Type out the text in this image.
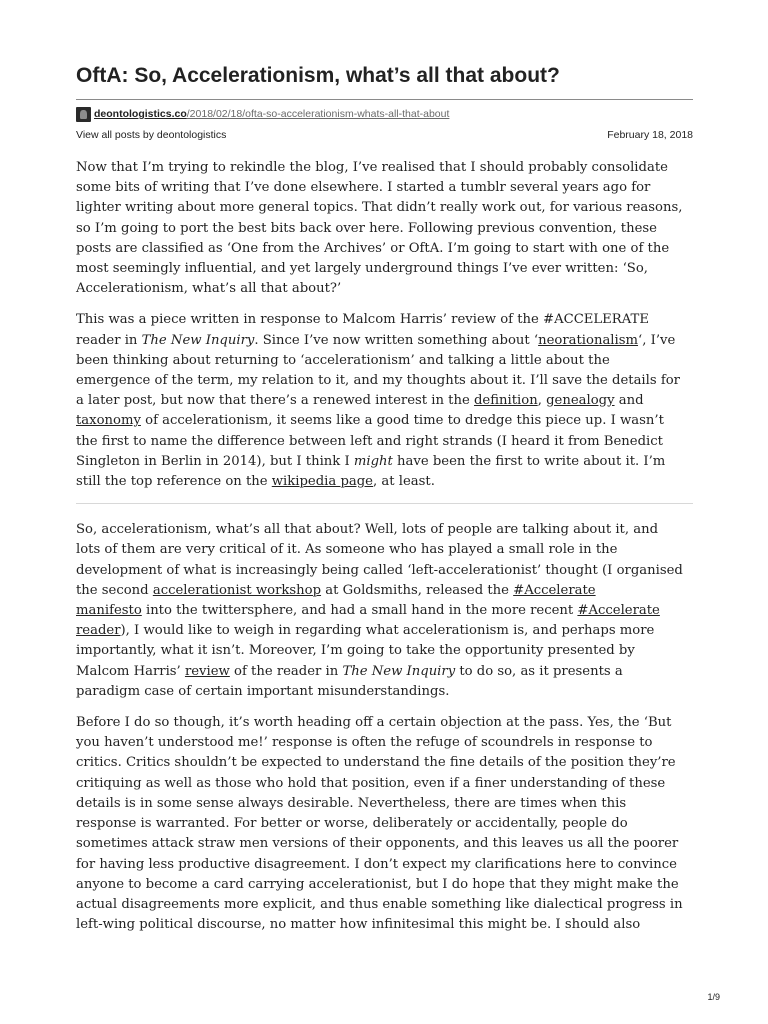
OftA: So, Accelerationism, what’s all that about?
deontologistics.co /2018/02/18/ofta-so-accelerationism-whats-all-that-about
View all posts by deontologistics	February 18, 2018

Now that I’m trying to rekindle the blog, I’ve realised that I should probably consolidate
some bits of writing that I’ve done elsewhere. I started a tumblr several years ago for
lighter writing about more general topics. That didn’t really work out, for various reasons,
so I’m going to port the best bits back over here. Following previous convention, these
posts are classified as ‘One from the Archives’ or OftA. I’m going to start with one of the
most seemingly influential, and yet largely underground things I’ve ever written: ‘So,
Accelerationism, what’s all that about?’

This was a piece written in response to Malcom Harris’ review of the #ACCELERATE
reader in The New Inquiry. Since I’ve now written something about ‘neorationalism‘, I’ve
been thinking about returning to ‘accelerationism’ and talking a little about the
emergence of the term, my relation to it, and my thoughts about it. I’ll save the details for
a later post, but now that there’s a renewed interest in the definition, genealogy and
taxonomy of accelerationism, it seems like a good time to dredge this piece up. I wasn’t
the first to name the difference between left and right strands (I heard it from Benedict
Singleton in Berlin in 2014), but I think I might have been the first to write about it. I’m
still the top reference on the wikipedia page, at least.

So, accelerationism, what’s all that about? Well, lots of people are talking about it, and
lots of them are very critical of it. As someone who has played a small role in the
development of what is increasingly being called ‘left-accelerationist’ thought (I organised
the second accelerationist workshop at Goldsmiths, released the #Accelerate
manifesto into the twittersphere, and had a small hand in the more recent #Accelerate
reader), I would like to weigh in regarding what accelerationism is, and perhaps more
importantly, what it isn’t. Moreover, I’m going to take the opportunity presented by
Malcom Harris’ review of the reader in The New Inquiry to do so, as it presents a
paradigm case of certain important misunderstandings.

Before I do so though, it’s worth heading off a certain objection at the pass. Yes, the ‘But
you haven’t understood me!’ response is often the refuge of scoundrels in response to
critics. Critics shouldn’t be expected to understand the fine details of the position they’re
critiquing as well as those who hold that position, even if a finer understanding of these
details is in some sense always desirable. Nevertheless, there are times when this
response is warranted. For better or worse, deliberately or accidentally, people do
sometimes attack straw men versions of their opponents, and this leaves us all the poorer
for having less productive disagreement. I don’t expect my clarifications here to convince
anyone to become a card carrying accelerationist, but I do hope that they might make the
actual disagreements more explicit, and thus enable something like dialectical progress in
left-wing political discourse, no matter how infinitesimal this might be. I should also

1/9
